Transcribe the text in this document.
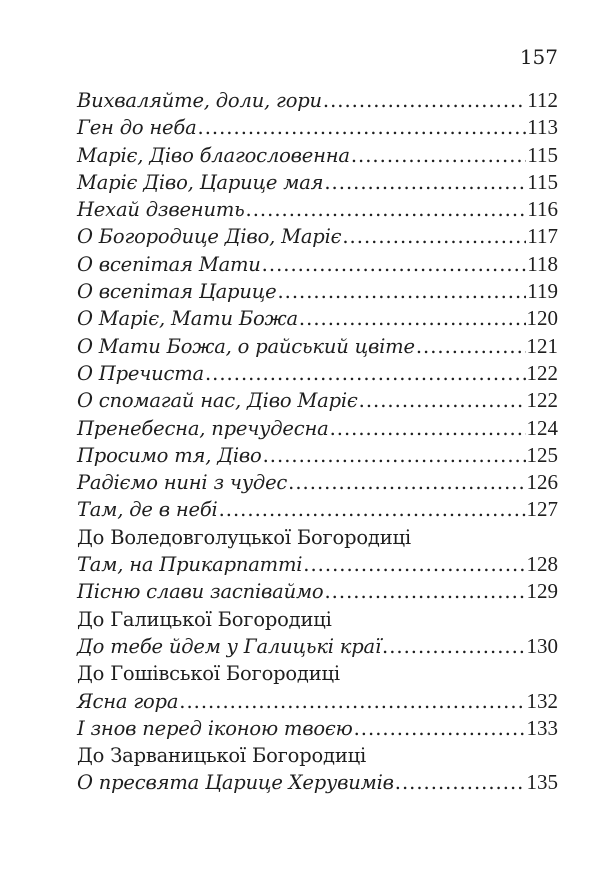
157
Вихваляйте, доли, гори .....	112
Ген до неба .....	113
Маріє, Діво благословенна .....	115
Маріє Діво, Царице мая .....	115
Нехай дзвенить .....	116
О Богородице Діво, Маріє .....	117
О всепітая Мати .....	118
О всепітая Царице .....	119
О Маріє, Мати Божа .....	120
О Мати Божа, о райський цвіте .....	121
О Пречиста .....	122
О спомагай нас, Діво Маріє .....	122
Пренебесна, пречудесна .....	124
Просимо тя, Діво .....	125
Радіємо нині з чудес .....	126
Там, де в небі .....	127
До Воледовголуцької Богородиці
Там, на Прикарпатті .....	128
Пісню слави заспіваймо .....	129
До Галицької Богородиці
До тебе йдем у Галицькі краї .....	130
До Гошівської Богородиці
Ясна гора .....	132
І знов перед іконою твоєю .....	133
До Зарваницької Богородиці
О пресвята Царице Херувимів .....	135
